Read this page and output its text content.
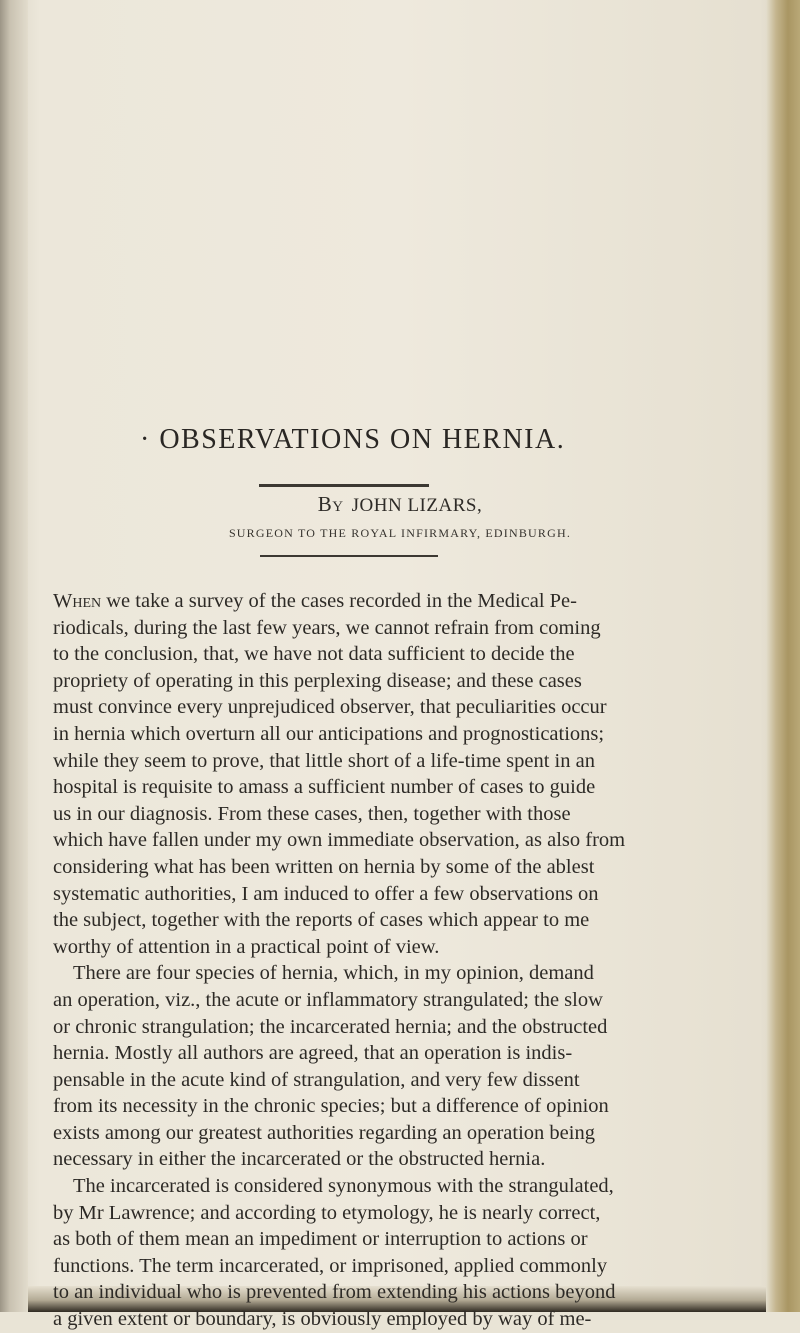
· OBSERVATIONS ON HERNIA.
By JOHN LIZARS,
SURGEON TO THE ROYAL INFIRMARY, EDINBURGH.
When we take a survey of the cases recorded in the Medical Pe-
riodicals, during the last few years, we cannot refrain from coming
to the conclusion, that, we have not data sufficient to decide the
propriety of operating in this perplexing disease; and these cases
must convince every unprejudiced observer, that peculiarities occur
in hernia which overturn all our anticipations and prognostications;
while they seem to prove, that little short of a life-time spent in an
hospital is requisite to amass a sufficient number of cases to guide
us in our diagnosis. From these cases, then, together with those
which have fallen under my own immediate observation, as also from
considering what has been written on hernia by some of the ablest
systematic authorities, I am induced to offer a few observations on
the subject, together with the reports of cases which appear to me
worthy of attention in a practical point of view.
There are four species of hernia, which, in my opinion, demand
an operation, viz., the acute or inflammatory strangulated; the slow
or chronic strangulation; the incarcerated hernia; and the obstructed
hernia. Mostly all authors are agreed, that an operation is indis-
pensable in the acute kind of strangulation, and very few dissent
from its necessity in the chronic species; but a difference of opinion
exists among our greatest authorities regarding an operation being
necessary in either the incarcerated or the obstructed hernia.
The incarcerated is considered synonymous with the strangulated,
by Mr Lawrence; and according to etymology, he is nearly correct,
as both of them mean an impediment or interruption to actions or
functions. The term incarcerated, or imprisoned, applied commonly
to an individual who is prevented from extending his actions beyond
a given extent or boundary, is obviously employed by way of me-
